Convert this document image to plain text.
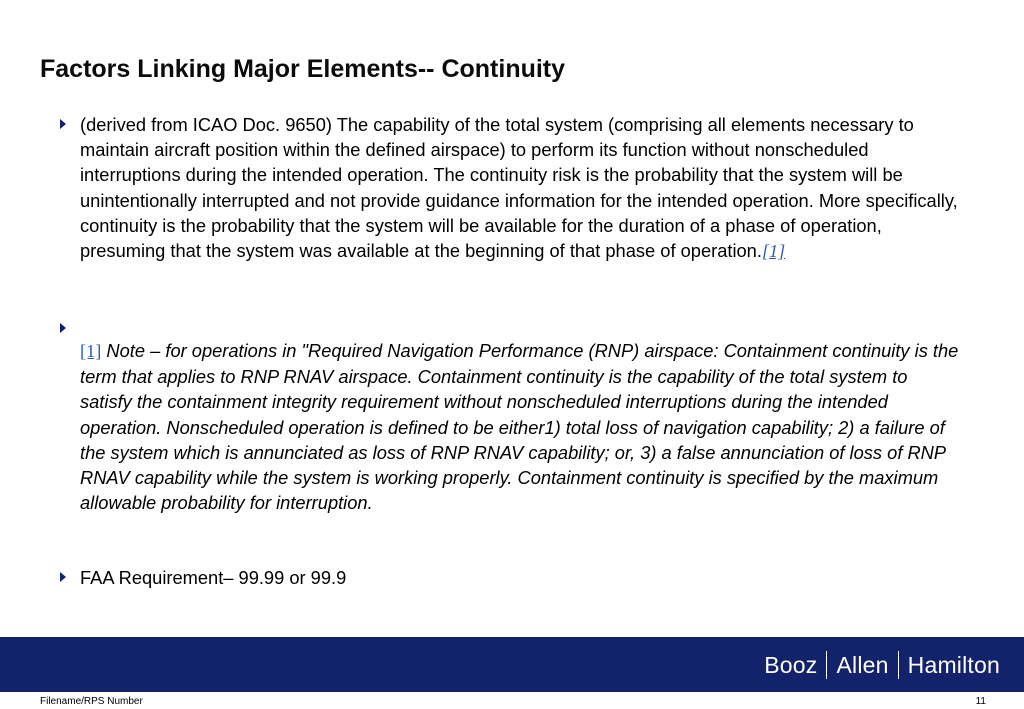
Factors Linking Major Elements-- Continuity
(derived from ICAO Doc. 9650) The capability of the total system (comprising all elements necessary to maintain aircraft position within the defined airspace) to perform its function without nonscheduled interruptions during the intended operation. The continuity risk is the probability that the system will be unintentionally interrupted and not provide guidance information for the intended operation. More specifically, continuity is the probability that the system will be available for the duration of a phase of operation, presuming that the system was available at the beginning of that phase of operation.[1]
[1] Note – for operations in "Required Navigation Performance (RNP) airspace: Containment continuity is the term that applies to RNP RNAV airspace. Containment continuity is the capability of the total system to satisfy the containment integrity requirement without nonscheduled interruptions during the intended operation. Nonscheduled operation is defined to be either1) total loss of navigation capability; 2) a failure of the system which is annunciated as loss of RNP RNAV capability; or, 3) a false annunciation of loss of RNP RNAV capability while the system is working properly. Containment continuity is specified by the maximum allowable probability for interruption.
FAA Requirement– 99.99 or 99.9
Booz Allen Hamilton
Filename/RPS Number	11
